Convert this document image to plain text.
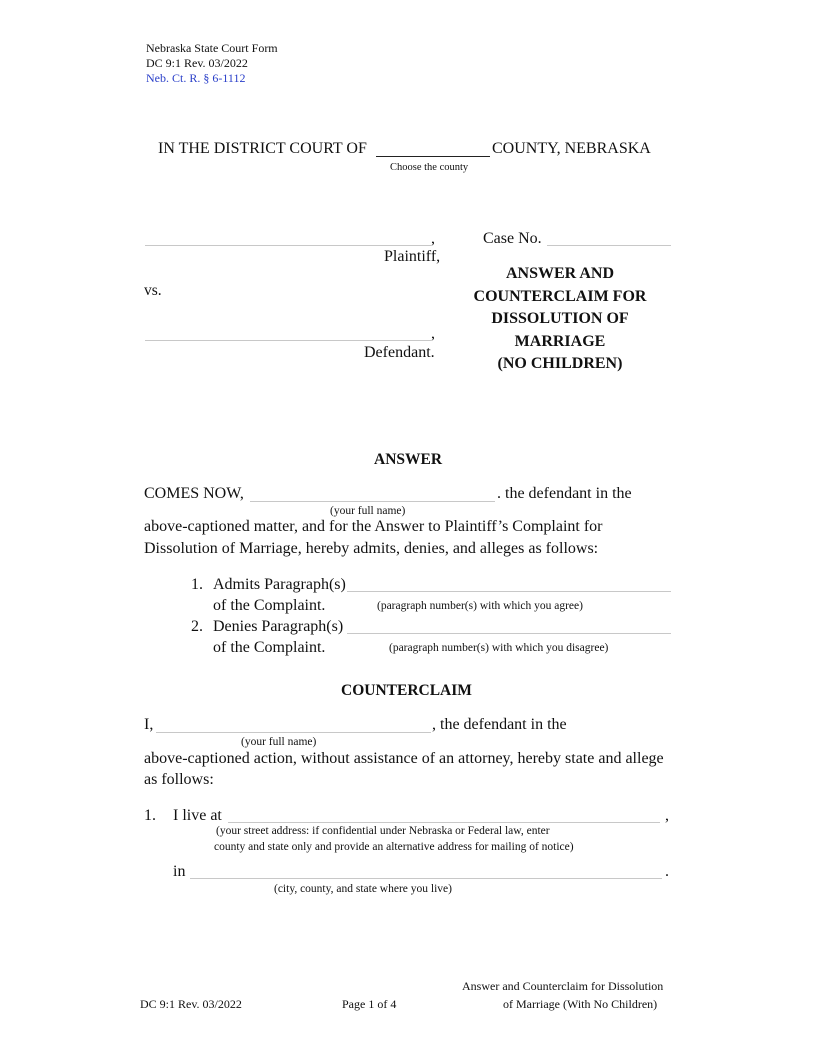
Nebraska State Court Form
DC 9:1 Rev. 03/2022
Neb. Ct. R. § 6-1112
IN THE DISTRICT COURT OF	COUNTY, NEBRASKA
Choose the county
,
Plaintiff,
vs.
,
Defendant.
Case No.
ANSWER AND
COUNTERCLAIM FOR
DISSOLUTION OF
MARRIAGE
(NO CHILDREN)
ANSWER
COMES NOW,	. the defendant in the
(your full name)
above-captioned matter, and for the Answer to Plaintiff’s Complaint for
Dissolution of Marriage, hereby admits, denies, and alleges as follows:
1. Admits Paragraph(s)
of the Complaint.	(paragraph number(s) with which you agree)
2. Denies Paragraph(s)
of the Complaint.	(paragraph number(s) with which you disagree)
COUNTERCLAIM
I,	, the defendant in the
(your full name)
above-captioned action, without assistance of an attorney, hereby state and allege
as follows:
1. I live at	,
(your street address: if confidential under Nebraska or Federal law, enter
county and state only and provide an alternative address for mailing of notice)
in	.
(city, county, and state where you live)
Answer and Counterclaim for Dissolution
DC 9:1 Rev. 03/2022	Page 1 of 4	of Marriage (With No Children)
